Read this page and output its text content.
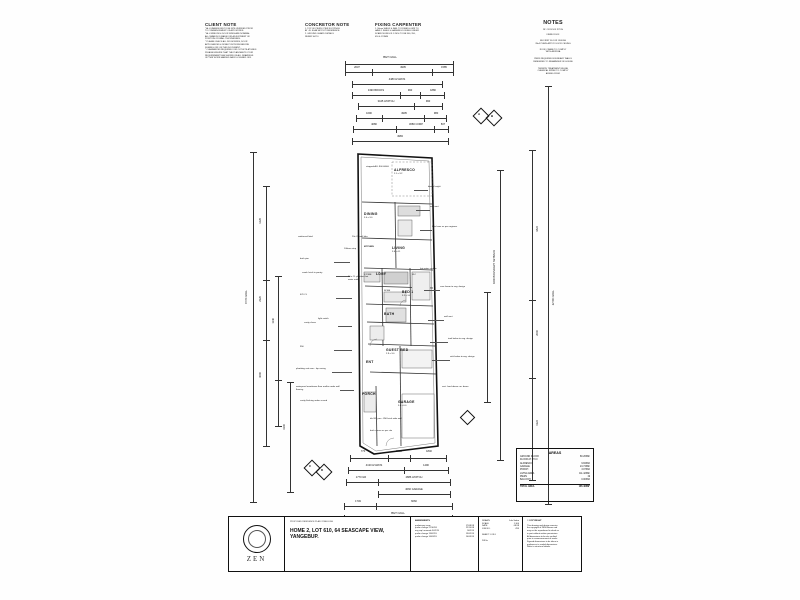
CLIENT NOTE
* ALL DIMENSIONS TO BE SITE VERIFIED PRIOR
TO COMMENCEMENT OF ANY WORKS.
* ALL WINDOW & DOOR SIZES ARE NOMINAL
ALLOWANCE IS MADE FOR ADJUSTMENT OF
POSITION OR WALL THICKNESSES.
* PLEASE CHECK ALL ROOM SIZES, DOOR
APPLICANCES & ROBE POSITIONS BEFORE
SIGNING OFF ON THIS DOCUMENT.
* CLEARANCES REQUIRED FOR OUTLETS AT ENDS
PLEASE ENSURE THAT THE PLAN MEETS YOUR
REQUIREMENTS AS SHOWN ON ALL DRAWINGS
OF THIS WORK HANDED BACK & SIGNED OFF.
CONCRETOR NOTE
1. TOP OF PIERS / PIER FOOTINGS
AT -XL SLAB SETOUT REFERENCE.
2. GROUND GUARD DETAILS
REFER SHT 6
FIXING CARPENTER
1. 90mm SHELF & RAIL TO ROBES & WIR TO
HAVE 1 SHELF & HANGING DOUBLE UNDER
SCAFFOLDING IS 1.2M & TO BE 300, 350,
450 & 170MM
NOTES
28° OR ROOF PITCH
FIBRE ROOF
NIL FIRST FLOOR CEILING
28m² PLATE APPLY FLOOR CEILING
ROOF CRANE TO COMPLY
WITH AS3959A
PIERS REQUIRED BOUNDARY WALLS
RENDERED TO REMAINDER OF HOUSE
TERMITE TREATMENT MILLBE
CHEMICAL SPRAY TO COMPLY
AS3660.1/2001
8527 O/ALL
2037	4905	1585
4480 H'GROS
3490 BRICKS	990	1880
3445 H'DITCH	990
1690	4905	980
4080	3080 CORP	837
4983
9776 O/ALL
1226
2320
3090
1140
3100
22790 O/ALL
1822
2000
1322
9200 BOUNDARY SETBACK
A	B
C
D
ALFRESCO
2.1 x 3.2
DINING
3.0 x 3.0
LIVING
3.6 x 4.1
KITCHEN
LDRY	W.C
ROBE	BED 1
3.2 x 3.4
BATH
GUEST BED
2.9 x 3.0
ENT
PORCH
GARAGE
3.0 x 6.0
STORE
brick pier
comb. brick to pantry
670 CL
cavity closer
950
plumbing unit over - lap saving
waterproof membrane floor and/or under wall flooring
cavity flashing under screed
reinforced lintel
bench height
wall vent
lintel over as per engineer
conc beam to eng. design
wall vent
tank below to eng. design
sink below to eng. design
sect. hard above cnr. beam
tile WC pan - 850 brick wide wall
brick corner as per site
stepped-ALL 900 HIGH
100mm step
20x CL wall tiles
60 x CL plumbed hot water outlet
hot water system
light switch
770	2090	1840
4130 H'GROS	1490
1770 GR	2886 H'DITCH
4060 GARAGE
1749	6060
8527 O/ALL
AREAS
GROUND FLOOR	80.26SM²
FLOOR AT 270.0
ALFRESCO	9.84SM²
GARAGE	24.74SM²
PORCH	3.07SM²
LIVING AREA	111.42SM²
PIERS	19
BALCONY	0.00SM²
TOTAL AREA	185.46SM²
ZEN
PROPOSED RESIDENCE PLAN / DWELLING
HOME 2, LOT 610, 64 SEASCAPE VIEW, YANGEBUP.
AMENDMENTS
preliminary issue	17/08/18
prelim change 22/10/18	22/10/18
eng req's amends 9/02/19	9/02/19
prelim change 13/02/19	13/02/19
prelim change 14/03/19	14/03/19
DRAWN	J.de Serbo
SCALE	1:100
DATE	08/18
JOB NO.	Z89
SHEET 1 OF 6
2019a
© COPYRIGHT
This drawing and design remains
the copyright of ZEN Homes and
may not be reproduced in whole or
in part without written permission.
All dimensions to be site verified
prior to commencement of works.
Figured dimensions to be taken in
preference to scaled dimensions.
Refer to structural details.
